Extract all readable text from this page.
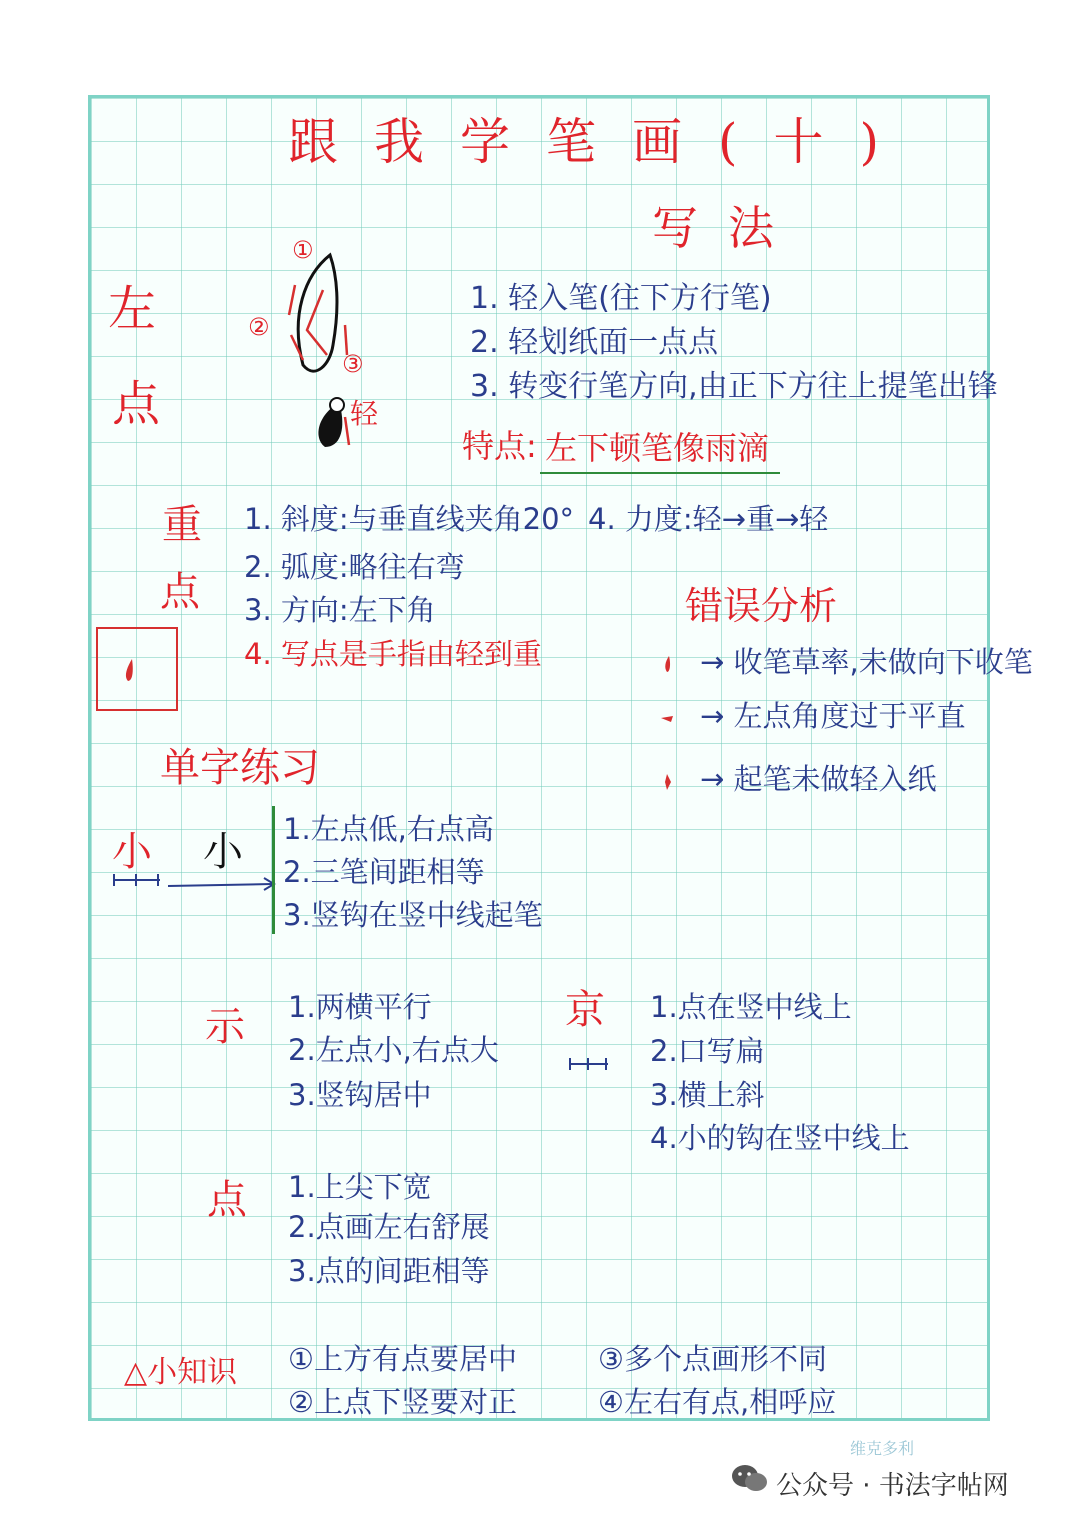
跟我学笔画(十)
写法
左
点
①
②
③
轻
1. 轻入笔(往下方行笔)
2. 轻划纸面一点点
3. 转变行笔方向,由正下方往上提笔出锋
特点: 左下顿笔像雨滴
重
点
1. 斜度:与垂直线夹角20°
2. 弧度:略往右弯
3. 方向:左下角
4. 写点是手指由轻到重
4. 力度:轻→重→轻
错误分析
→ 收笔草率,未做向下收笔
→ 左点角度过于平直
→ 起笔未做轻入纸
单字练习
小 小 1.左点低,右点高
2.三笔间距相等
3.竖钩在竖中线起笔
示 1.两横平行
2.左点小,右点大
3.竖钩居中
京 1.点在竖中线上
2.口写扁
3.横上斜
4.小的钩在竖中线上
点 1.上尖下宽
2.点画左右舒展
3.点的间距相等
△小知识 ①上方有点要居中
②上点下竖要对正
③多个点画形不同
④左右有点,相呼应
维克多利
公众号 · 书法字帖网
